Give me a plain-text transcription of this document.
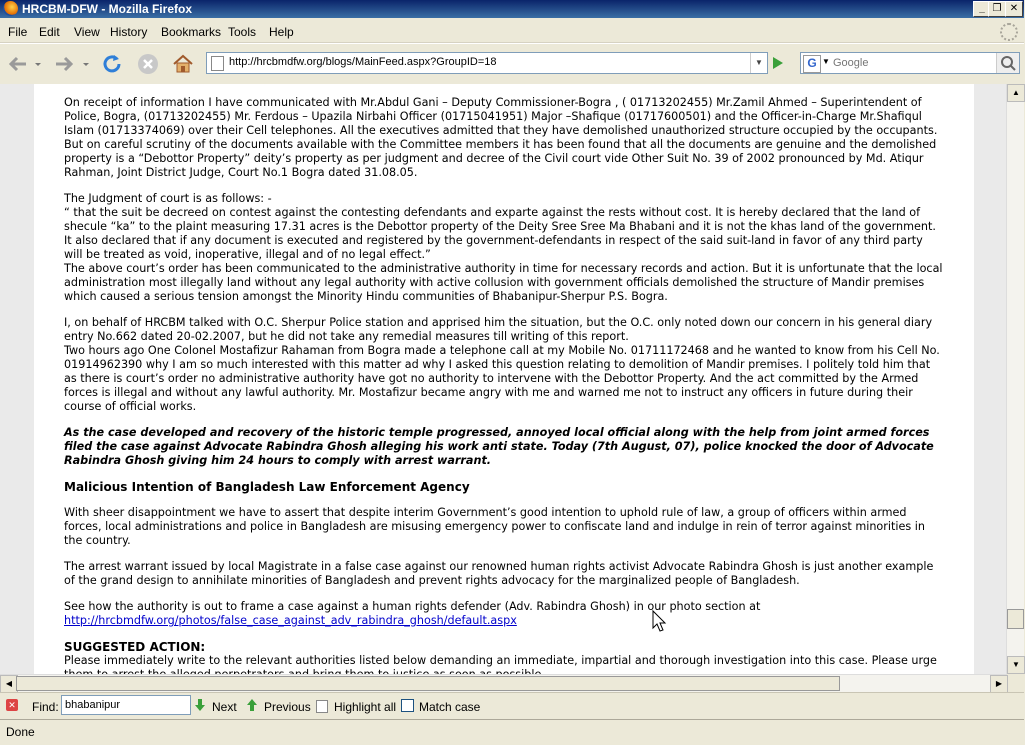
HRCBM-DFW - Mozilla Firefox	_ ❐ ✕
File Edit View History Bookmarks Tools Help
http://hrcbmdfw.org/blogs/MainFeed.aspx?GroupID=18	▼	G ▼
Google

On receipt of information I have communicated with Mr.Abdul Gani – Deputy Commissioner-Bogra , ( 01713202455) Mr.Zamil Ahmed – Superintendent of Police, Bogra, (01713202455) Mr. Ferdous – Upazila Nirbahi Officer (01715041951) Major –Shafique (01717600501) and the Officer-in-Charge Mr.Shafiqul Islam (01713374069) over their Cell telephones. All the executives admitted that they have demolished unauthorized structure occupied by the occupants. But on careful scrutiny of the documents available with the Committee members it has been found that all the documents are genuine and the demolished property is a “Debottor Property” deity’s property as per judgment and decree of the Civil court vide Other Suit No. 39 of 2002 pronounced by Md. Atiqur Rahman, Joint District Judge, Court No.1 Bogra dated 31.08.05.

The Judgment of court is as follows: -

“ that the suit be decreed on contest against the contesting defendants and exparte against the rests without cost. It is hereby declared that the land of shecule “ka” to the plaint measuring 17.31 acres is the Debottor property of the Deity Sree Sree Ma Bhabani and it is not the khas land of the government. It also declared that if any document is executed and registered by the government-defendants in respect of the said suit-land in favor of any third party will be treated as void, inoperative, illegal and of no legal effect.”

The above court’s order has been communicated to the administrative authority in time for necessary records and action. But it is unfortunate that the local administration most illegally land without any legal authority with active collusion with government officials demolished the structure of Mandir premises which caused a serious tension amongst the Minority Hindu communities of Bhabanipur-Sherpur P.S. Bogra.

I, on behalf of HRCBM talked with O.C. Sherpur Police station and apprised him the situation, but the O.C. only noted down our concern in his general diary entry No.662 dated 20-02.2007, but he did not take any remedial measures till writing of this report.

Two hours ago One Colonel Mostafizur Rahaman from Bogra made a telephone call at my Mobile No. 01711172468 and he wanted to know from his Cell No. 01914962390 why I am so much interested with this matter ad why I asked this question relating to demolition of Mandir premises. I politely told him that as there is court’s order no administrative authority have got no authority to intervene with the Debottor Property. And the act committed by the Armed forces is illegal and without any lawful authority. Mr. Mostafizur became angry with me and warned me not to instruct any officers in future during their course of official works.

As the case developed and recovery of the historic temple progressed, annoyed local official along with the help from joint armed forces filed the case against Advocate Rabindra Ghosh alleging his work anti state. Today (7th August, 07), police knocked the door of Advocate Rabindra Ghosh giving him 24 hours to comply with arrest warrant.

Malicious Intention of Bangladesh Law Enforcement Agency

With sheer disappointment we have to assert that despite interim Government’s good intention to uphold rule of law, a group of officers within armed forces, local administrations and police in Bangladesh are misusing emergency power to confiscate land and indulge in rein of terror against minorities in the country.

The arrest warrant issued by local Magistrate in a false case against our renowned human rights activist Advocate Rabindra Ghosh is just another example of the grand design to annihilate minorities of Bangladesh and prevent rights advocacy for the marginalized people of Bangladesh.

See how the authority is out to frame a case against a human rights defender (Adv. Rabindra Ghosh) in our photo section at

http://hrcbmdfw.org/photos/false_case_against_adv_rabindra_ghosh/default.aspx

SUGGESTED ACTION:

Please immediately write to the relevant authorities listed below demanding an immediate, impartial and thorough investigation into this case. Please urge

▲
▼
◀	▶
✕ Find:
bhabanipur	Next Previous Highlight all Match case
Done
